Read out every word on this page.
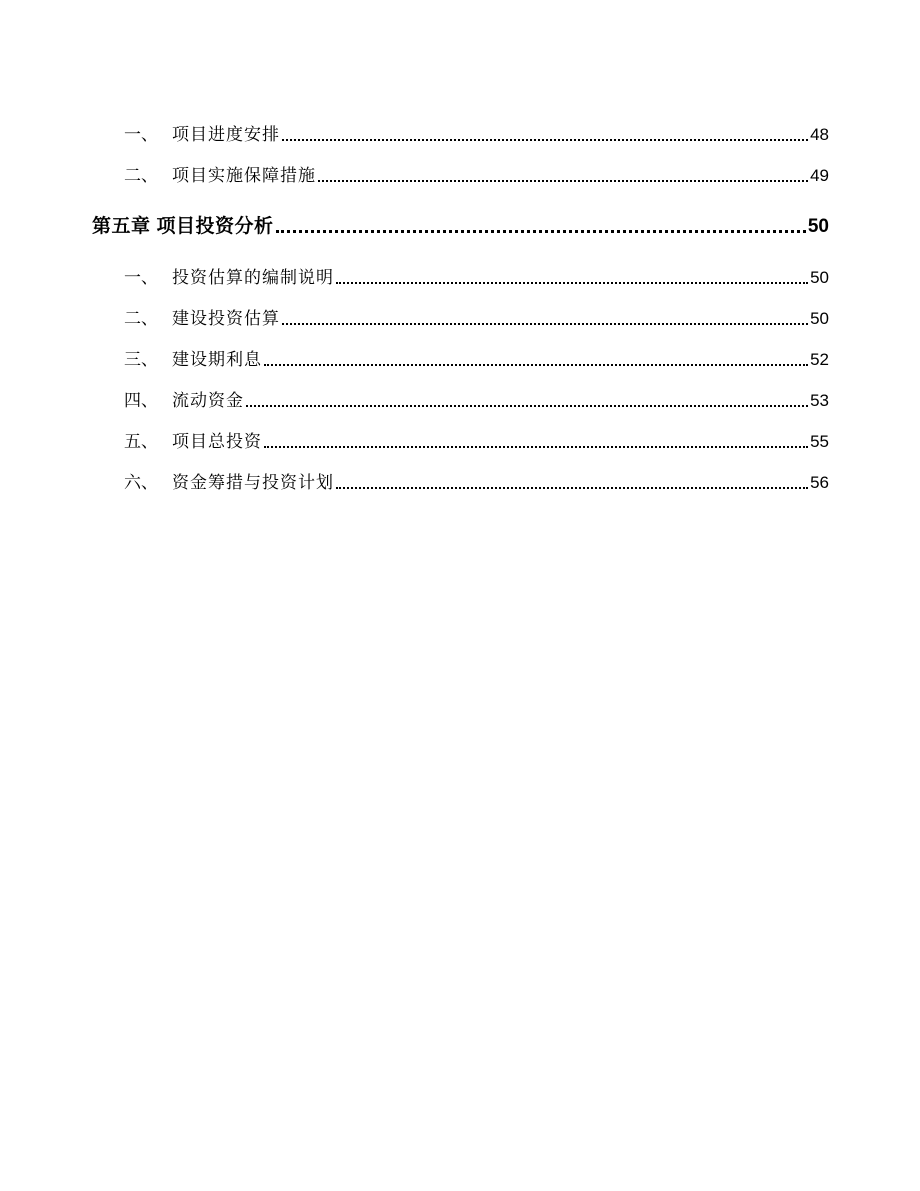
一、 项目进度安排	48
二、 项目实施保障措施	49
第五章 项目投资分析	50
一、 投资估算的编制说明	50
二、 建设投资估算	50
三、 建设期利息	52
四、 流动资金	53
五、 项目总投资	55
六、 资金筹措与投资计划	56
